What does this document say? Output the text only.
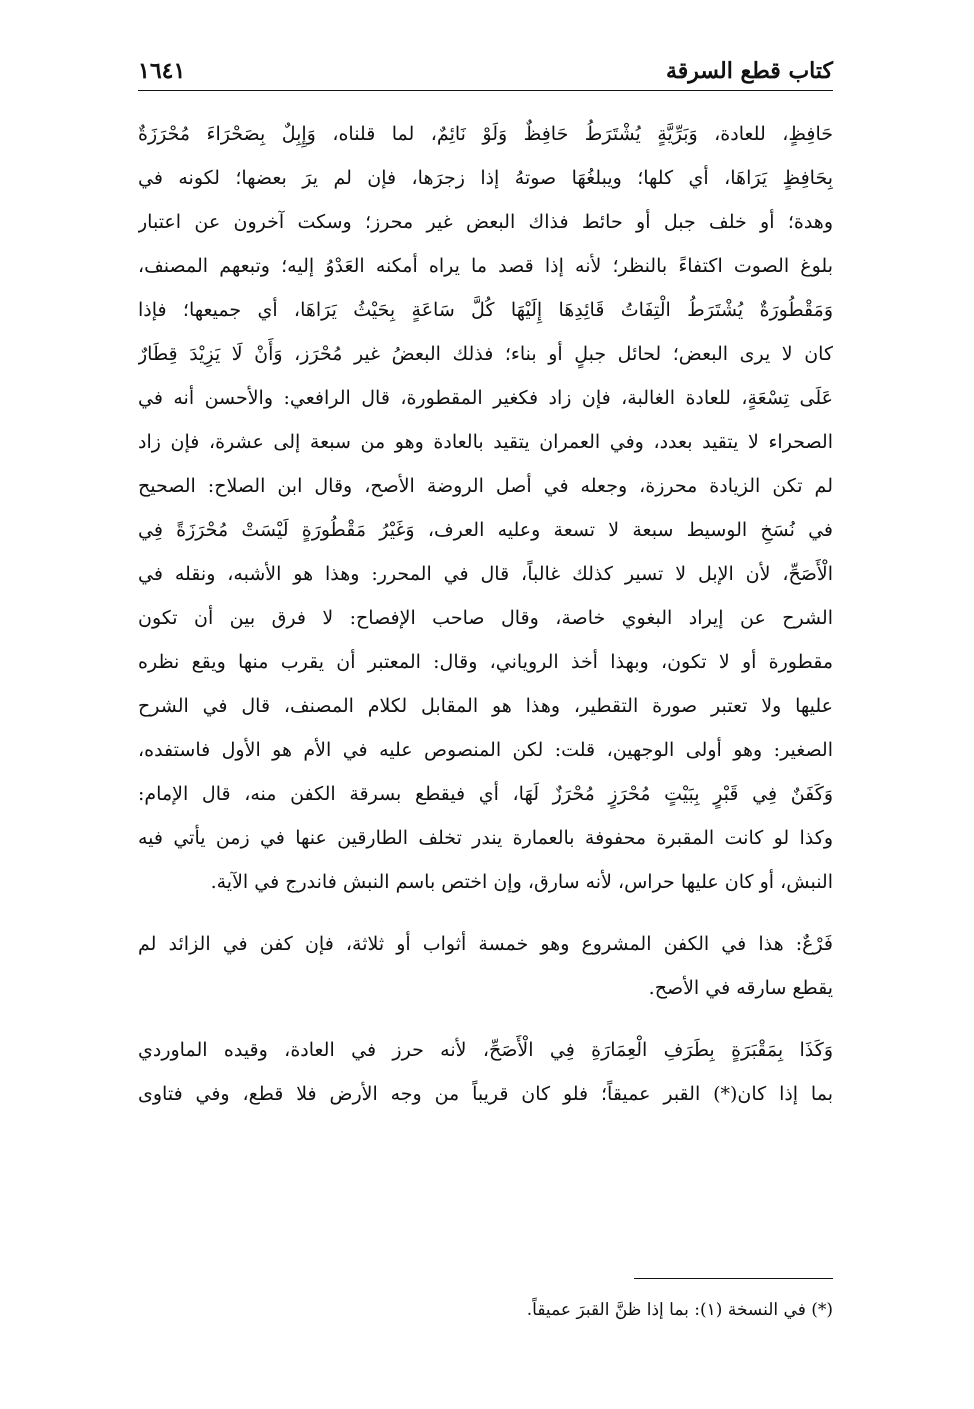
كتاب قطع السرقة
١٦٤١
حَافِظٍ، للعادة، وَبَرِّيَّةٍ يُشْتَرَطُ حَافِظٌ وَلَوْ نَائِمٌ، لما قلناه، وَإِبِلٌ بِصَحْرَاءَ مُحْرَزَةٌ
بِحَافِظٍ يَرَاهَا، أي كلها؛ ويبلغُهَا صوتهُ إذا زجرَها، فإن لم يرَ بعضها؛ لكونه في
وهدة؛ أو خلف جبل أو حائط فذاك البعض غير محرز؛ وسكت آخرون عن اعتبار
بلوغ الصوت اكتفاءً بالنظر؛ لأنه إذا قصد ما يراه أمكنه العَدْوُ إليه؛ وتبعهم المصنف،
وَمَقْطُورَةٌ يُشْتَرَطُ الْتِفَاتُ قَائِدِهَا إِلَيْهَا كُلَّ سَاعَةٍ بِحَيْثُ يَرَاهَا، أي جميعها؛ فإذا
كان لا يرى البعض؛ لحائل جبلٍ أو بناء؛ فذلك البعضُ غير مُحْرَز، وَأَنْ لَا يَزِيْدَ قِطَارٌ
عَلَى تِسْعَةٍ، للعادة الغالبة، فإن زاد فكغير المقطورة، قال الرافعي: والأحسن أنه في
الصحراء لا يتقيد بعدد، وفي العمران يتقيد بالعادة وهو من سبعة إلى عشرة، فإن زاد
لم تكن الزيادة محرزة، وجعله في أصل الروضة الأصح، وقال ابن الصلاح: الصحيح
في نُسَخِ الوسيط سبعة لا تسعة وعليه العرف، وَغَيْرُ مَقْطُورَةٍ لَيْسَتْ مُحْرَزَةً فِي
الْأَصَحِّ، لأن الإبل لا تسير كذلك غالباً، قال في المحرر: وهذا هو الأشبه، ونقله في
الشرح عن إيراد البغوي خاصة، وقال صاحب الإفصاح: لا فرق بين أن تكون
مقطورة أو لا تكون، وبهذا أخذ الروياني، وقال: المعتبر أن يقرب منها ويقع نظره
عليها ولا تعتبر صورة التقطير، وهذا هو المقابل لكلام المصنف، قال في الشرح
الصغير: وهو أولى الوجهين، قلت: لكن المنصوص عليه في الأم هو الأول فاستفده،
وَكَفَنٌ فِي قَبْرٍ بِبَيْتٍ مُحْرَزٍ مُحْرَزٌ لَهَا، أي فيقطع بسرقة الكفن منه، قال الإمام:
وكذا لو كانت المقبرة محفوفة بالعمارة يندر تخلف الطارقين عنها في زمن يأتي فيه
النبش، أو كان عليها حراس، لأنه سارق، وإن اختص باسم النبش فاندرج في الآية.
فَرْعٌ: هذا في الكفن المشروع وهو خمسة أثواب أو ثلاثة، فإن كفن في الزائد لم
يقطع سارقه في الأصح.
وَكَذَا بِمَقْبَرَةٍ بِطَرَفِ الْعِمَارَةِ فِي الْأَصَحِّ، لأنه حرز في العادة، وقيده الماوردي
بما إذا كان(*) القبر عميقاً؛ فلو كان قريباً من وجه الأرض فلا قطع، وفي فتاوى
(*) في النسخة (١): بما إذا ظنَّ القبرَ عميقاً.
